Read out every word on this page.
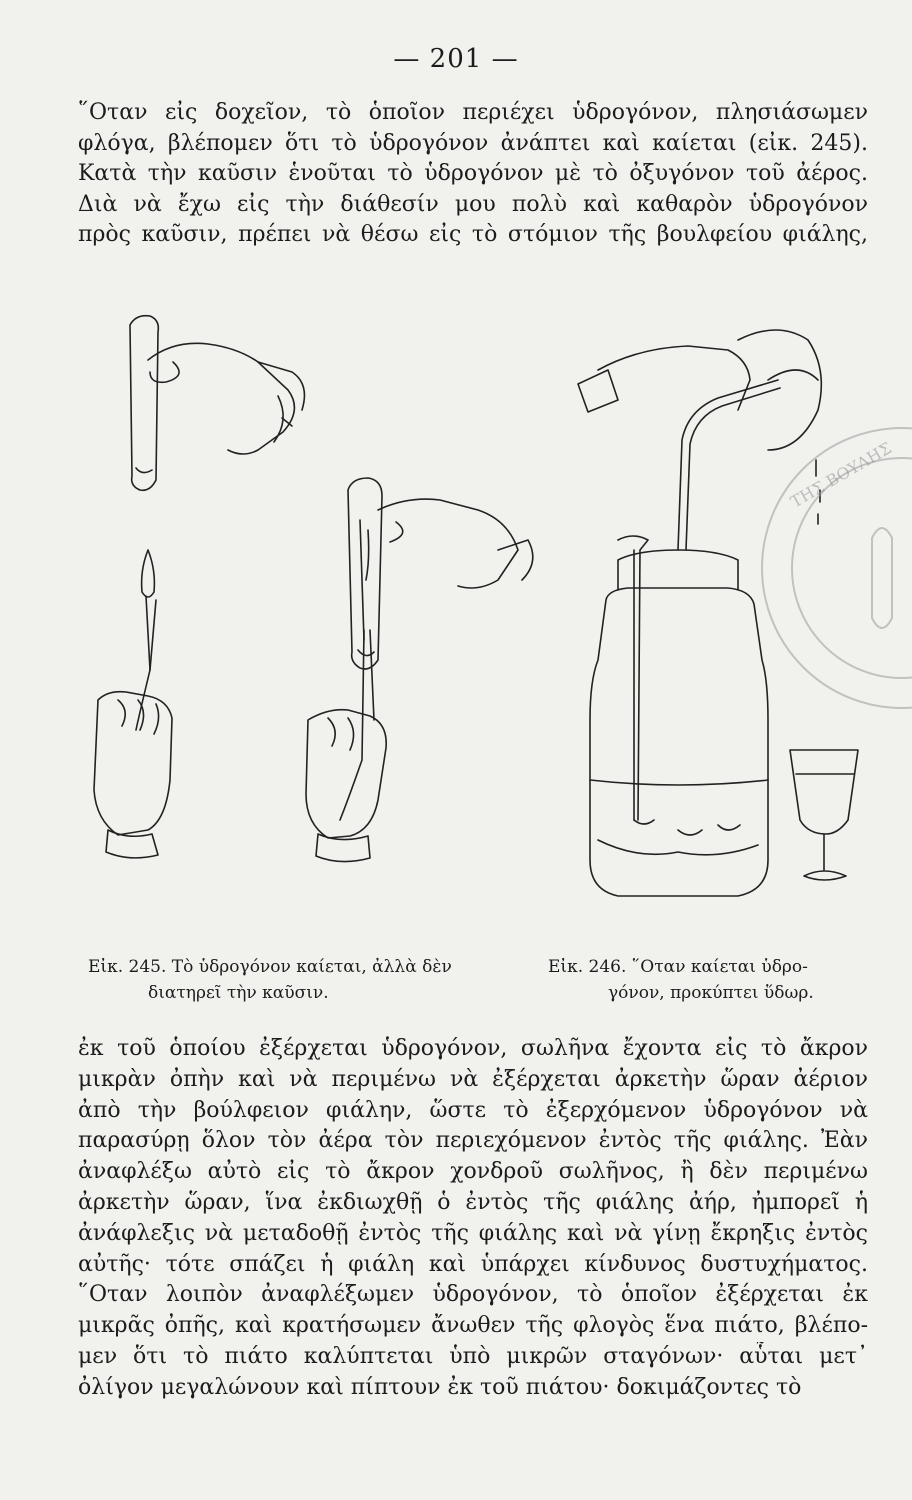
— 201 —

῞Οταν εἰς δοχεῖον, τὸ ὁποῖον περιέχει ὑδρογόνον, πλησιάσωμεν
φλόγα, βλέπομεν ὅτι τὸ ὑδρογόνον ἀνάπτει καὶ καίεται (εἰκ. 245).
Κατὰ τὴν καῦσιν ἑνοῦται τὸ ὑδρογόνον μὲ τὸ ὀξυγόνον τοῦ ἀέρος.
Διὰ νὰ ἔχω εἰς τὴν διάθεσίν μου πολὺ καὶ καθαρὸν ὑδρογόνον
πρὸς καῦσιν, πρέπει νὰ θέσω εἰς τὸ στόμιον τῆς βουλφείου φιάλης,

Εἰκ. 245. Τὸ ὑδρογόνον καίεται, ἀλλὰ δὲν
διατηρεῖ τὴν καῦσιν.
Εἰκ. 246. ῞Οταν καίεται ὑδρο-
γόνον, προκύπτει ὕδωρ.

ἐκ τοῦ ὁποίου ἐξέρχεται ὑδρογόνον, σωλῆνα ἔχοντα εἰς τὸ ἄκρον
μικρὰν ὀπὴν καὶ νὰ περιμένω νὰ ἐξέρχεται ἀρκετὴν ὥραν ἀέριον
ἀπὸ τὴν βούλφειον φιάλην, ὥστε τὸ ἐξερχόμενον ὑδρογόνον νὰ
παρασύρῃ ὅλον τὸν ἀέρα τὸν περιεχόμενον ἐντὸς τῆς φιάλης. Ἐὰν
ἀναφλέξω αὐτὸ εἰς τὸ ἄκρον χονδροῦ σωλῆνος, ἢ δὲν περιμένω
ἀρκετὴν ὥραν, ἵνα ἐκδιωχθῇ ὁ ἐντὸς τῆς φιάλης ἀήρ, ἠμπορεῖ ἡ
ἀνάφλεξις νὰ μεταδοθῇ ἐντὸς τῆς φιάλης καὶ νὰ γίνῃ ἔκρηξις ἐντὸς
αὐτῆς· τότε σπάζει ἡ φιάλη καὶ ὑπάρχει κίνδυνος δυστυχήματος.
῞Οταν λοιπὸν ἀναφλέξωμεν ὑδρογόνον, τὸ ὁποῖον ἐξέρχεται ἐκ
μικρᾶς ὀπῆς, καὶ κρατήσωμεν ἄνωθεν τῆς φλογὸς ἕνα πιάτο, βλέπο-
μεν ὅτι τὸ πιάτο καλύπτεται ὑπὸ μικρῶν σταγόνων· αὗται μετ᾽
ὀλίγον μεγαλώνουν καὶ πίπτουν ἐκ τοῦ πιάτου· δοκιμάζοντες τὸ

ΤΗΣ ΒΟΥΛΗΣ
